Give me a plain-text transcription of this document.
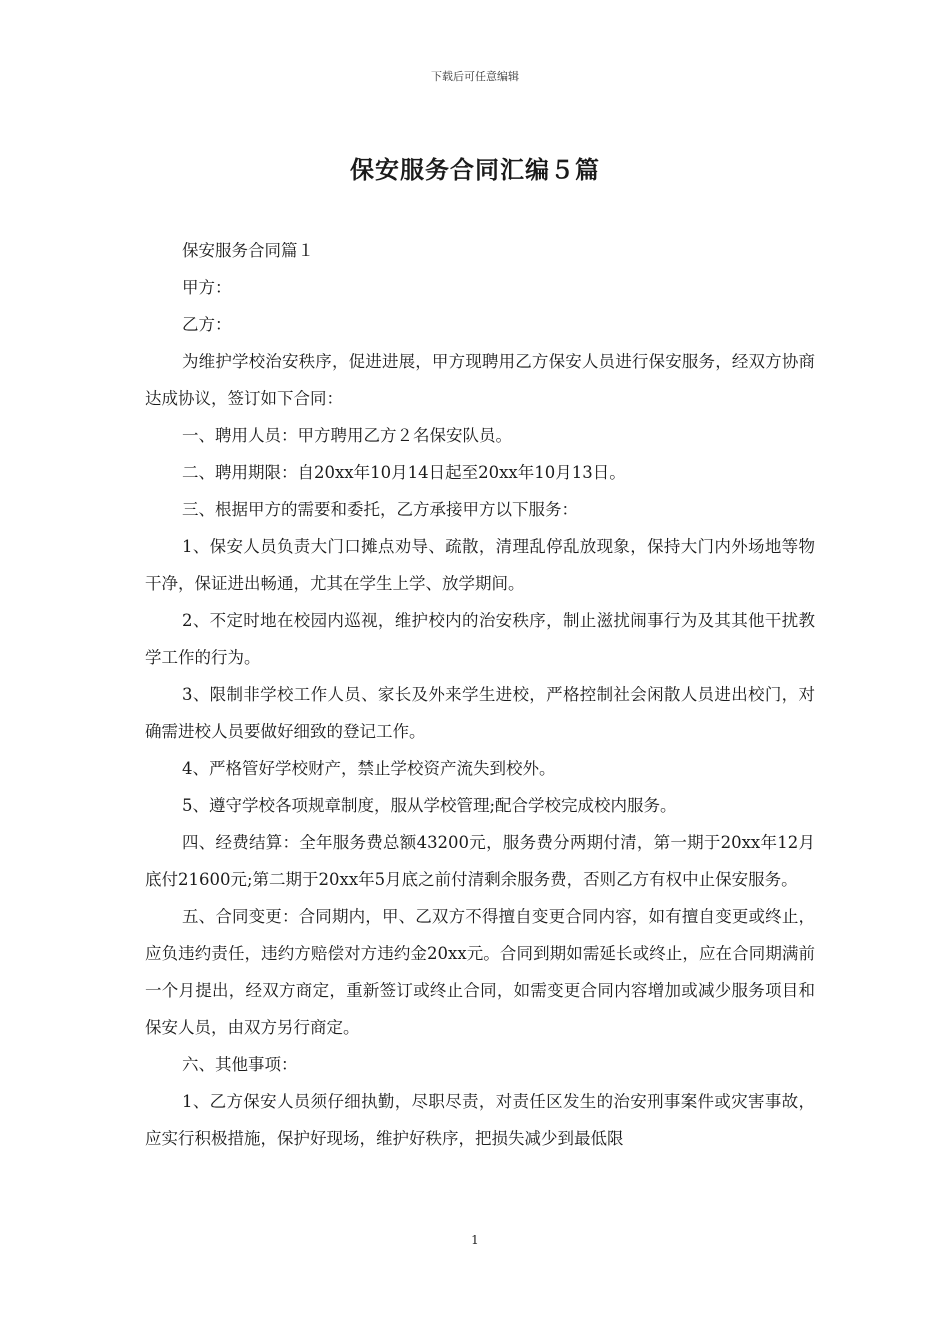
下载后可任意编辑
保安服务合同汇编５篇

保安服务合同篇１

甲方：

乙方：

为维护学校治安秩序，促进进展，甲方现聘用乙方保安人员进行保安服务，经双方协商达成协议，签订如下合同：

一、聘用人员：甲方聘用乙方２名保安队员。

二、聘用期限：自20xx年10月14日起至20xx年10月13日。

三、根据甲方的需要和委托，乙方承接甲方以下服务：

1、保安人员负责大门口摊点劝导、疏散，清理乱停乱放现象，保持大门内外场地等物干净，保证进出畅通，尤其在学生上学、放学期间。

2、不定时地在校园内巡视，维护校内的治安秩序，制止滋扰闹事行为及其其他干扰教学工作的行为。

3、限制非学校工作人员、家长及外来学生进校，严格控制社会闲散人员进出校门，对确需进校人员要做好细致的登记工作。

4、严格管好学校财产，禁止学校资产流失到校外。

5、遵守学校各项规章制度，服从学校管理;配合学校完成校内服务。

四、经费结算：全年服务费总额43200元，服务费分两期付清，第一期于20xx年12月底付21600元;第二期于20xx年5月底之前付清剩余服务费，否则乙方有权中止保安服务。

五、合同变更：合同期内，甲、乙双方不得擅自变更合同内容，如有擅自变更或终止，应负违约责任，违约方赔偿对方违约金20xx元。合同到期如需延长或终止，应在合同期满前一个月提出，经双方商定，重新签订或终止合同，如需变更合同内容增加或减少服务项目和保安人员，由双方另行商定。

六、其他事项：

1、乙方保安人员须仔细执勤，尽职尽责，对责任区发生的治安刑事案件或灾害事故，应实行积极措施，保护好现场，维护好秩序，把损失减少到最低限

1
